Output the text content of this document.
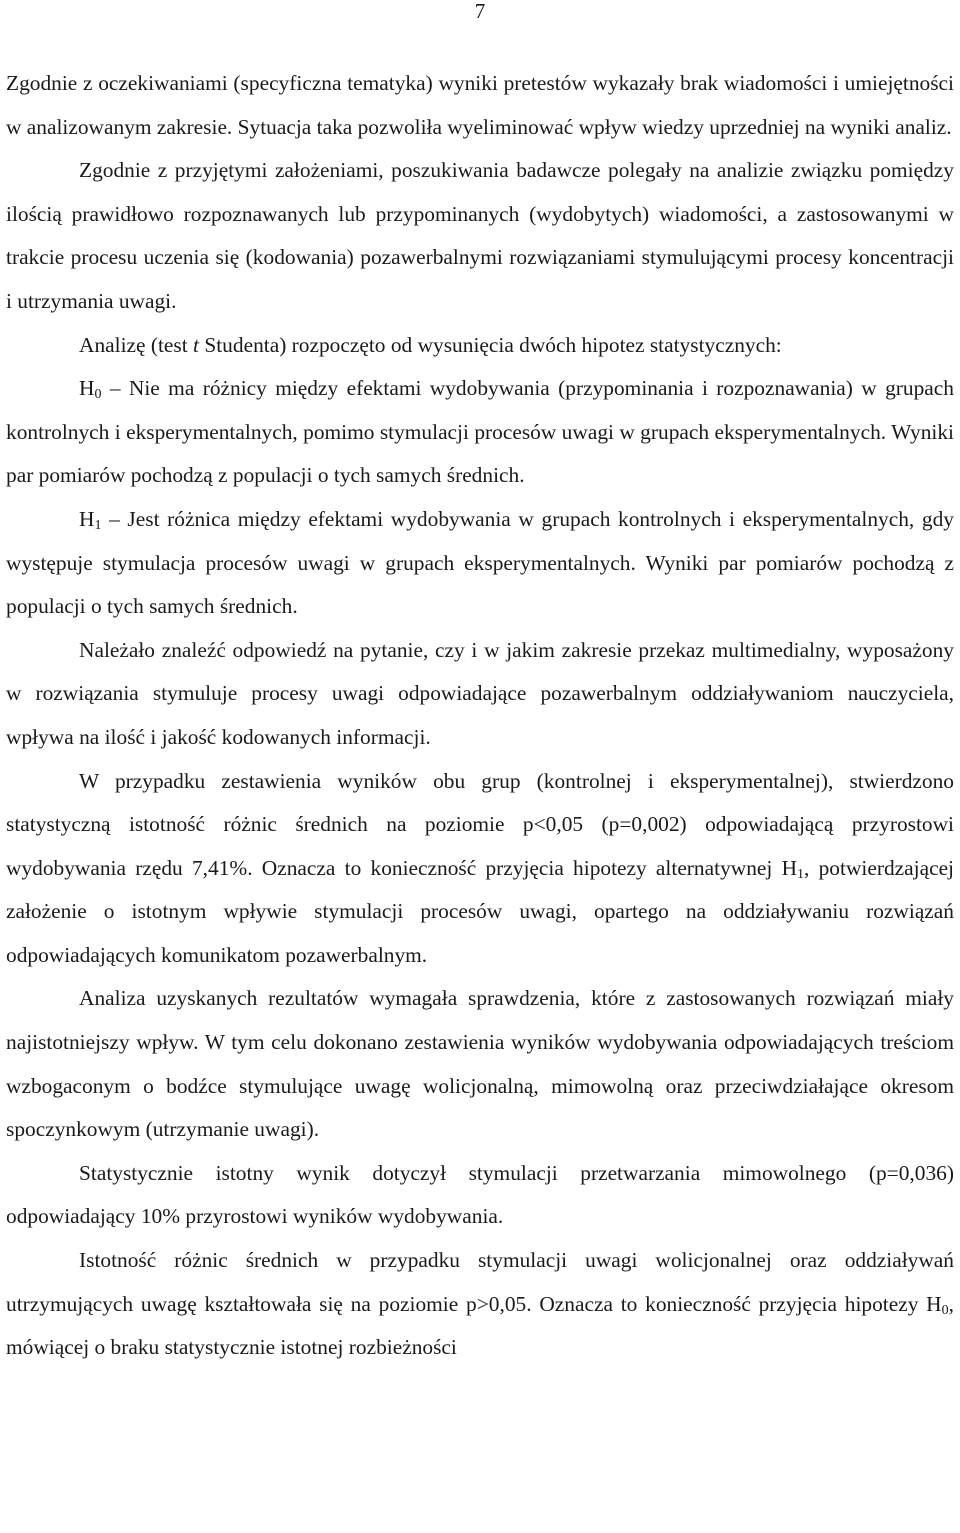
7

Zgodnie z oczekiwaniami (specyficzna tematyka) wyniki pretestów wykazały brak wiadomości i umiejętności w analizowanym zakresie. Sytuacja taka pozwoliła wyeliminować wpływ wiedzy uprzedniej na wyniki analiz.

Zgodnie z przyjętymi założeniami, poszukiwania badawcze polegały na analizie związku pomiędzy ilością prawidłowo rozpoznawanych lub przypominanych (wydobytych) wiadomości, a zastosowanymi w trakcie procesu uczenia się (kodowania) pozawerbalnymi rozwiązaniami stymulującymi procesy koncentracji i utrzymania uwagi.

Analizę (test t Studenta) rozpoczęto od wysunięcia dwóch hipotez statystycznych:

$H_0$ – Nie ma różnicy między efektami wydobywania (przypominania i rozpoznawania) w grupach kontrolnych i eksperymentalnych, pomimo stymulacji procesów uwagi w grupach eksperymentalnych. Wyniki par pomiarów pochodzą z populacji o tych samych średnich.

$H_1$ – Jest różnica między efektami wydobywania w grupach kontrolnych i eksperymentalnych, gdy występuje stymulacja procesów uwagi w grupach eksperymentalnych. Wyniki par pomiarów pochodzą z populacji o tych samych średnich.

Należało znaleźć odpowiedź na pytanie, czy i w jakim zakresie przekaz multimedialny, wyposażony w rozwiązania stymuluje procesy uwagi odpowiadające pozawerbalnym oddziaływaniom nauczyciela, wpływa na ilość i jakość kodowanych informacji.

W przypadku zestawienia wyników obu grup (kontrolnej i eksperymentalnej), stwierdzono statystyczną istotność różnic średnich na poziomie p<0,05 (p=0,002) odpowiadającą przyrostowi wydobywania rzędu 7,41%. Oznacza to konieczność przyjęcia hipotezy alternatywnej $H_1$, potwierdzającej założenie o istotnym wpływie stymulacji procesów uwagi, opartego na oddziaływaniu rozwiązań odpowiadających komunikatom pozawerbalnym.

Analiza uzyskanych rezultatów wymagała sprawdzenia, które z zastosowanych rozwiązań miały najistotniejszy wpływ. W tym celu dokonano zestawienia wyników wydobywania odpowiadających treściom wzbogaconym o bodźce stymulujące uwagę wolicjonalną, mimowolną oraz przeciwdziałające okresom spoczynkowym (utrzymanie uwagi).

Statystycznie istotny wynik dotyczył stymulacji przetwarzania mimowolnego (p=0,036) odpowiadający 10% przyrostowi wyników wydobywania.

Istotność różnic średnich w przypadku stymulacji uwagi wolicjonalnej oraz oddziaływań utrzymujących uwagę kształtowała się na poziomie p>0,05. Oznacza to konieczność przyjęcia hipotezy $H_0$, mówiącej o braku statystycznie istotnej rozbieżności
